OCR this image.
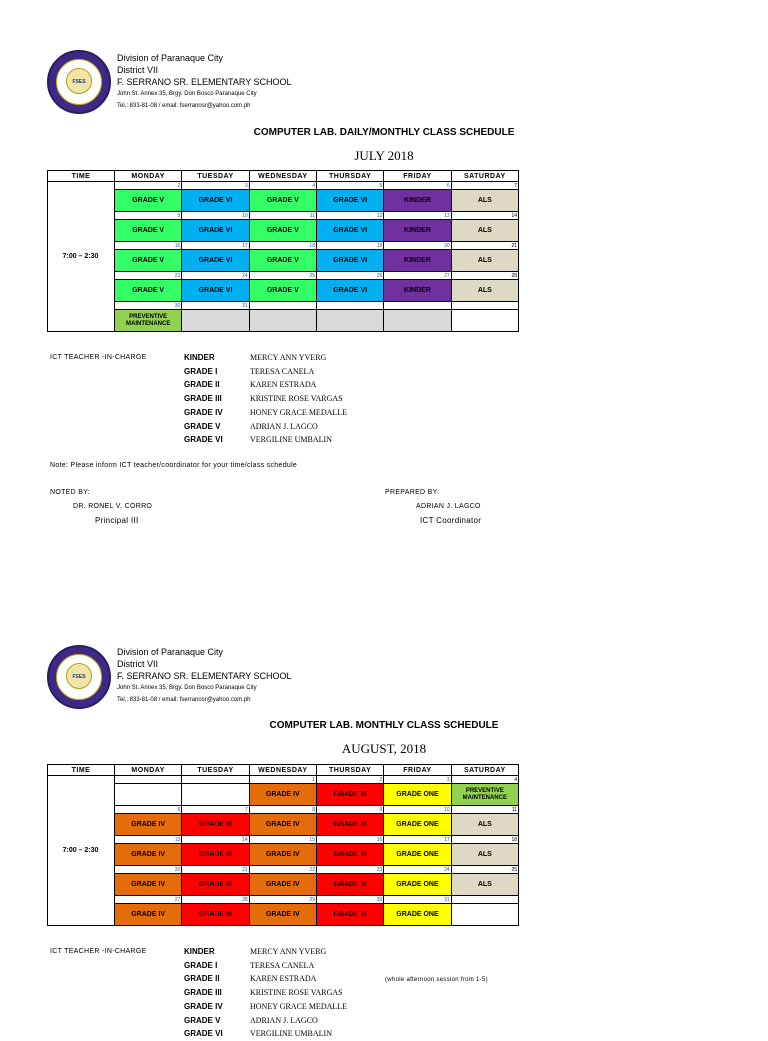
FSES
Division of Paranaque City
District VII
F. SERRANO SR. ELEMENTARY SCHOOL
John St. Annex 35, Brgy. Don Bosco Paranaque City
Tel.: 833-81-08 / email: fserranosr@yahoo.com.ph
COMPUTER LAB. DAILY/MONTHLY CLASS SCHEDULE
JULY 2018
TIME	MONDAY	TUESDAY	WEDNESDAY	THURSDAY	FRIDAY	SATURDAY
7:00 – 2:30	2	3	4	5	6	7
	GRADE V	GRADE VI	GRADE V	GRADE VI	KINDER	ALS
	9	10	11	12	13	14
	GRADE V	GRADE VI	GRADE V	GRADE VI	KINDER	ALS
	16	17	18	19	20	21
	GRADE V	GRADE VI	GRADE V	GRADE VI	KINDER	ALS
	23	24	25	26	27	28
	GRADE V	GRADE VI	GRADE V	GRADE VI	KINDER	ALS
	30	31				
	PREVENTIVE MAINTENANCE					
ICT TEACHER -IN-CHARGE	KINDER	MERCY ANN YVERG
GRADE I	TERESA CANELA
GRADE II	KAREN ESTRADA
GRADE III	KRISTINE ROSE VARGAS
GRADE IV	HONEY GRACE MEDALLE
GRADE V	ADRIAN J. LAGCO
GRADE VI	VERGILINE UMBALIN
Note: Please inform ICT teacher/coordinator for your time/class schedule
NOTED BY:
DR. RONEL V. CORRO
Principal III
PREPARED BY:
ADRIAN J. LAGCO
ICT Coordinator
FSES
Division of Paranaque City
District VII
F. SERRANO SR. ELEMENTARY SCHOOL
John St. Annex 35, Brgy. Don Bosco Paranaque City
Tel.: 833-81-08 / email: fserranosr@yahoo.com.ph
COMPUTER LAB. MONTHLY CLASS SCHEDULE
AUGUST, 2018
TIME	MONDAY	TUESDAY	WEDNESDAY	THURSDAY	FRIDAY	SATURDAY
7:00 – 2:30			1	2	3	4
			GRADE IV	GRADE III	GRADE ONE	PREVENTIVE MAINTENANCE
	6	7	8	9	10	11
	GRADE IV	GRADE III	GRADE IV	GRADE III	GRADE ONE	ALS
	13	14	15	16	17	18
	GRADE IV	GRADE III	GRADE IV	GRADE III	GRADE ONE	ALS
	20	21	22	23	24	25
	GRADE IV	GRADE III	GRADE IV	GRADE III	GRADE ONE	ALS
	27	28	29	30	31	
	GRADE IV	GRADE III	GRADE IV	GRADE III	GRADE ONE	
ICT TEACHER -IN-CHARGE	KINDER	MERCY ANN YVERG
GRADE I	TERESA CANELA
GRADE II	KAREN ESTRADA
GRADE III	KRISTINE ROSE VARGAS
GRADE IV	HONEY GRACE MEDALLE
GRADE V	ADRIAN J. LAGCO
GRADE VI	VERGILINE UMBALIN
(whole afternoon session from 1-5)
